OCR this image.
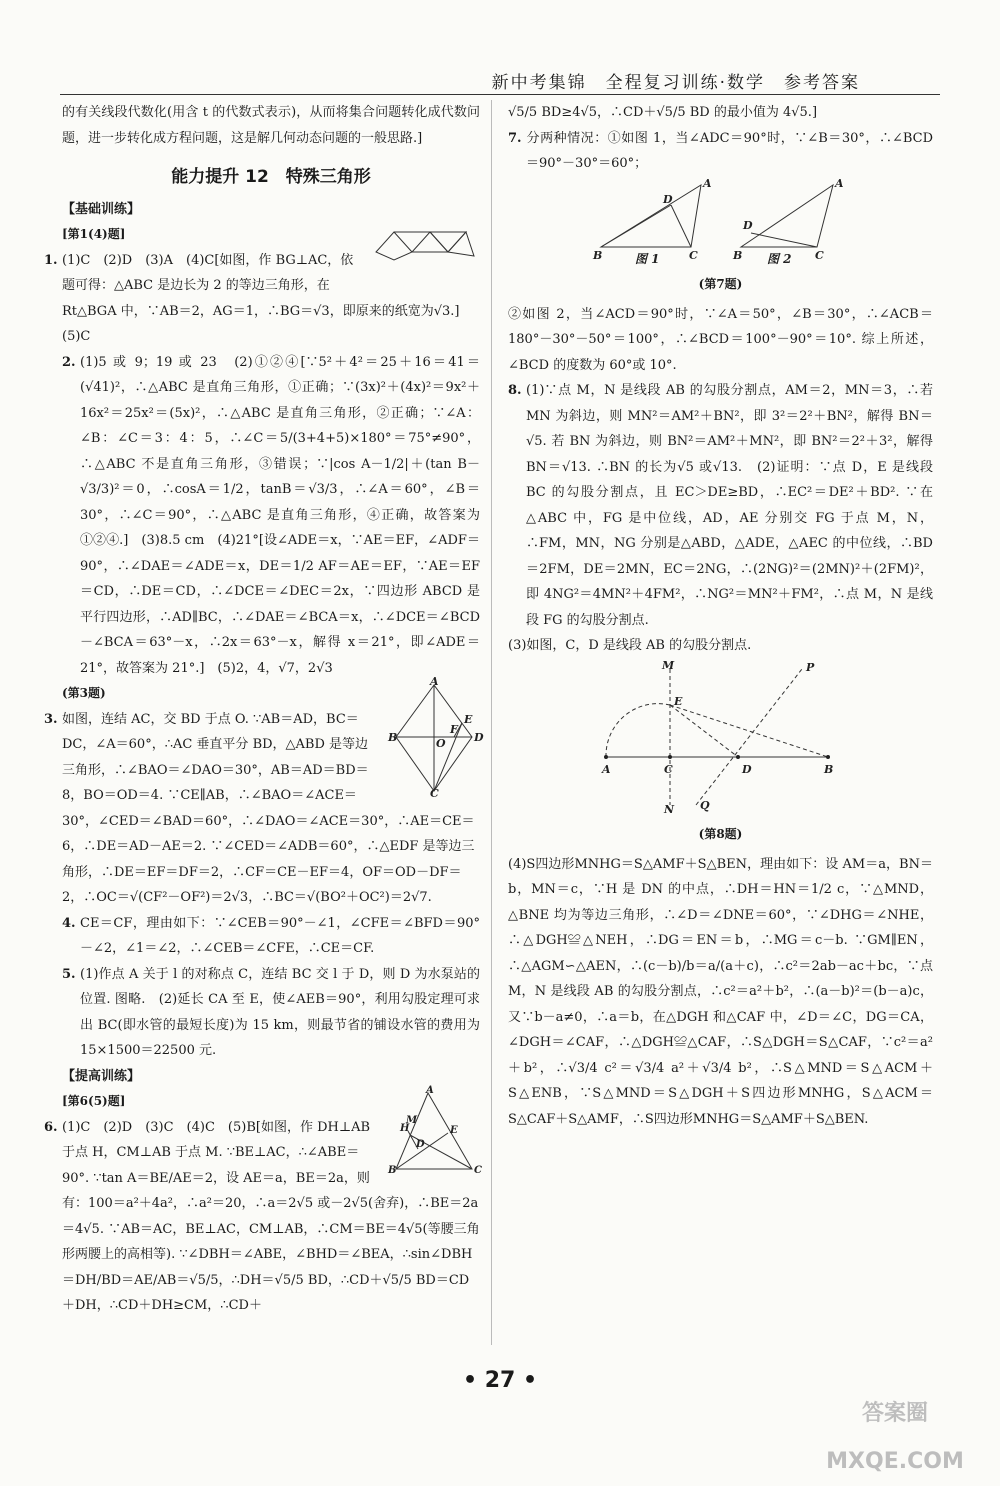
新中考集锦　全程复习训练·数学　参考答案

的有关线段代数化(用含 t 的代数式表示)，从而将集合问题转化成代数问题，进一步转化成方程问题，这是解几何动态问题的一般思路.]

能力提升 12　特殊三角形
【基础训练】

[第1(4)题]
1. (1)C　(2)D　(3)A　(4)C[如图，作 BG⊥AC，依题可得：△ABC 是边长为 2 的等边三角形，在 Rt△BGA 中，∵AB＝2，AG＝1，∴BG＝√3，即原来的纸宽为√3.]　(5)C

2. (1)5 或 9；19 或 23　(2)①②④[∵5²＋4²＝25＋16＝41＝(√41)²，∴△ABC 是直角三角形，①正确；∵(3x)²＋(4x)²＝9x²＋16x²＝25x²＝(5x)²，∴△ABC 是直角三角形，②正确；∵∠A：∠B：∠C＝3：4：5，∴∠C＝5/(3+4+5)×180°＝75°≠90°，∴△ABC 不是直角三角形，③错误；∵|cos A－1/2|＋(tan B－√3/3)²＝0，∴cosA＝1/2，tanB＝√3/3，∴∠A＝60°，∠B＝30°，∴∠C＝90°，∴△ABC 是直角三角形，④正确，故答案为①②④.]　(3)8.5 cm　(4)21°[设∠ADE＝x，∵AE＝EF，∠ADF＝90°，∴∠DAE＝∠ADE＝x，DE＝1/2 AF＝AE＝EF，∵AE＝EF＝CD，∴DE＝CD，∴∠DCE＝∠DEC＝2x，∵四边形 ABCD 是平行四边形，∴AD∥BC，∴∠DAE＝∠BCA＝x，∴∠DCE＝∠BCD－∠BCA＝63°－x，∴2x＝63°－x，解得 x＝21°，即∠ADE＝21°，故答案为 21°.]　(5)2，4，√7，2√3

A
B	D
C
E
F
O

(第3题)
3. 如图，连结 AC，交 BD 于点 O. ∵AB＝AD，BC＝DC，∠A＝60°，∴AC 垂直平分 BD，△ABD 是等边三角形，∴∠BAO＝∠DAO＝30°，AB＝AD＝BD＝8，BO＝OD＝4. ∵CE∥AB，∴∠BAO＝∠ACE＝30°，∠CED＝∠BAD＝60°，∴∠DAO＝∠ACE＝30°，∴AE＝CE＝6，∴DE＝AD－AE＝2. ∵∠CED＝∠ADB＝60°，∴△EDF 是等边三角形，∴DE＝EF＝DF＝2，∴CF＝CE－EF＝4，OF＝OD－DF＝2，∴OC＝√(CF²－OF²)＝2√3，∴BC＝√(BO²＋OC²)＝2√7.

4. CE＝CF，理由如下：∵∠CEB＝90°－∠1，∠CFE＝∠BFD＝90°－∠2，∠1＝∠2，∴∠CEB＝∠CFE，∴CE＝CF.

5. (1)作点 A 关于 l 的对称点 C，连结 BC 交 l 于 D，则 D 为水泵站的位置. 图略.　(2)延长 CA 至 E，使∠AEB＝90°，利用勾股定理可求出 BC(即水管的最短长度)为 15 km，则最节省的铺设水管的费用为 15×1500＝22500 元.

【提高训练】

A
B	C
E
H
D
M

[第6(5)题]
6. (1)C　(2)D　(3)C　(4)C　(5)B[如图，作 DH⊥AB 于点 H，CM⊥AB 于点 M. ∵BE⊥AC，∴∠ABE＝90°. ∵tan A＝BE/AE＝2，设 AE＝a，BE＝2a，则有：100＝a²＋4a²，∴a²＝20，∴a＝2√5 或－2√5(舍弃)，∴BE＝2a＝4√5. ∵AB＝AC，BE⊥AC，CM⊥AB，∴CM＝BE＝4√5(等腰三角形两腰上的高相等). ∵∠DBH＝∠ABE，∠BHD＝∠BEA，∴sin∠DBH＝DH/BD＝AE/AB＝√5/5，∴DH＝√5/5 BD，∴CD＋√5/5 BD＝CD＋DH，∴CD＋DH≥CM，∴CD＋

√5/5 BD≥4√5，∴CD＋√5/5 BD 的最小值为 4√5.]

7. 分两种情况：①如图 1，当∠ADC＝90°时，∵∠B＝30°，∴∠BCD＝90°－30°＝60°；

B	C
A
D
B	C
A
D
图 1	图 2
(第7题)

②如图 2，当∠ACD＝90°时，∵∠A＝50°，∠B＝30°，∴∠ACB＝180°－30°－50°＝100°，∴∠BCD＝100°－90°＝10°. 综上所述，∠BCD 的度数为 60°或 10°.

8. (1)∵点 M，N 是线段 AB 的勾股分割点，AM＝2，MN＝3，∴若 MN 为斜边，则 MN²＝AM²＋BN²，即 3²＝2²＋BN²，解得 BN＝√5. 若 BN 为斜边，则 BN²＝AM²＋MN²，即 BN²＝2²＋3²，解得 BN＝√13. ∴BN 的长为√5 或√13.　(2)证明：∵点 D，E 是线段 BC 的勾股分割点，且 EC＞DE≥BD，∴EC²＝DE²＋BD². ∵在△ABC 中，FG 是中位线，AD，AE 分别交 FG 于点 M，N，∴FM，MN，NG 分别是△ABD，△ADE，△AEC 的中位线，∴BD＝2FM，DE＝2MN，EC＝2NG，∴(2NG)²＝(2MN)²＋(2FM)²，即 4NG²＝4MN²＋4FM²，∴NG²＝MN²＋FM²，∴点 M，N 是线段 FG 的勾股分割点.

(3)如图，C，D 是线段 AB 的勾股分割点.

A	C	D	B
M
E
N Q
P
(第8题)

(4)S四边形MNHG＝S△AMF＋S△BEN，理由如下：设 AM＝a，BN＝b，MN＝c，∵H 是 DN 的中点，∴DH＝HN＝1/2 c，∵△MND，△BNE 均为等边三角形，∴∠D＝∠DNE＝60°，∵∠DHG＝∠NHE，∴△DGH≌△NEH，∴DG＝EN＝b，∴MG＝c－b. ∵GM∥EN，∴△AGM∽△AEN，∴(c－b)/b＝a/(a＋c)，∴c²＝2ab－ac＋bc，∵点 M，N 是线段 AB 的勾股分割点，∴c²＝a²＋b²，∴(a－b)²＝(b－a)c，又∵b－a≠0，∴a＝b，在△DGH 和△CAF 中，∠D＝∠C，DG＝CA，∠DGH＝∠CAF，∴△DGH≌△CAF，∴S△DGH＝S△CAF，∵c²＝a²＋b²，∴√3/4 c²＝√3/4 a²＋√3/4 b²，∴S△MND＝S△ACM＋S△ENB，∵S△MND＝S△DGH＋S四边形MNHG，S△ACM＝S△CAF＋S△AMF，∴S四边形MNHG＝S△AMF＋S△BEN.

• 27 •
答案圈 MXQE.COM
